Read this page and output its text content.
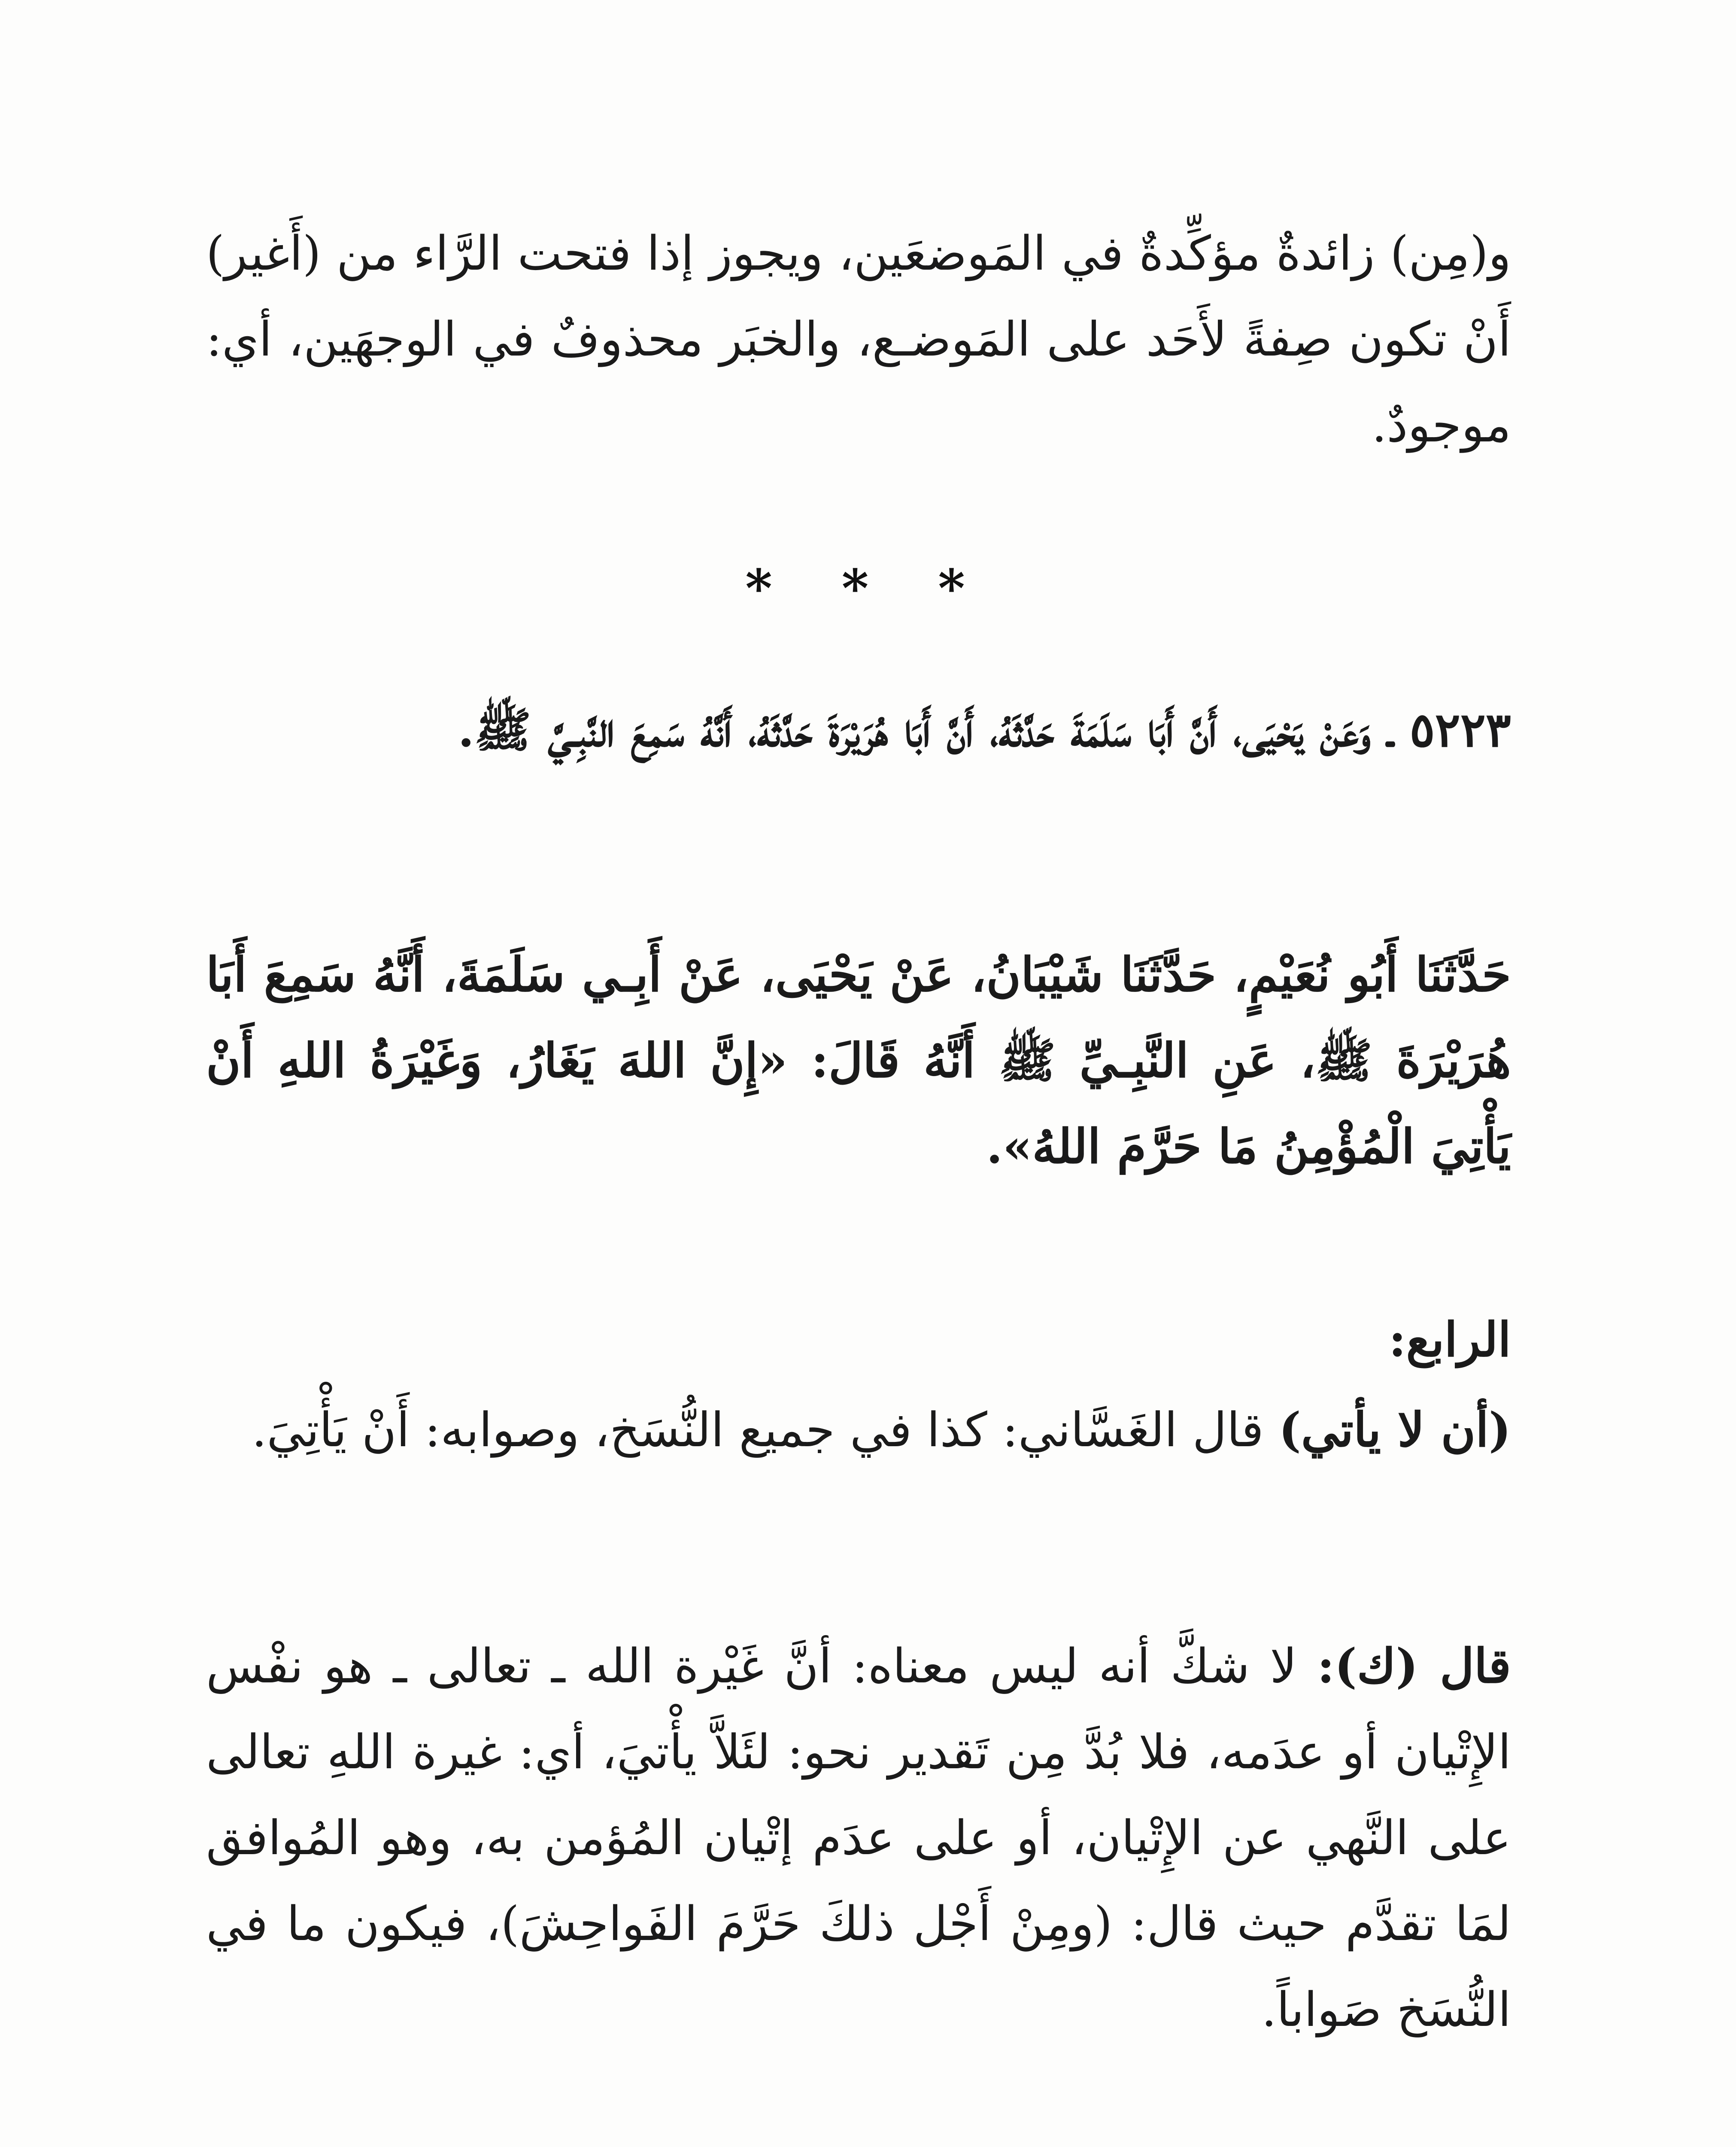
و(مِن) زائدةٌ مؤكِّدةٌ في المَوضعَين، ويجوز إذا فتحت الرَّاء من (أَغير) أَنْ تكون صِفةً لأَحَد على المَوضـع، والخبَر محذوفٌ في الوجهَين، أي: موجودٌ.

* * *

٥٢٢٣ ـ وَعَنْ يَحْيَى، أَنَّ أَبَا سَلَمَةَ حَدَّثَهُ، أَنَّ أَبَا هُرَيْرَةَ حَدَّثَهُ، أَنَّهُ سَمِعَ النَّبِـيَّ ﷺ.

حَدَّثَنَا أَبُو نُعَيْمٍ، حَدَّثَنَا شَيْبَانُ، عَنْ يَحْيَى، عَنْ أَبِـي سَلَمَةَ، أَنَّهُ سَمِعَ أَبَا هُرَيْرَةَ ﷺ، عَنِ النَّبِـيِّ ﷺ أَنَّهُ قَالَ: «إِنَّ اللهَ يَغَارُ، وَغَيْرَةُ اللهِ أَنْ يَأْتِيَ الْمُؤْمِنُ مَا حَرَّمَ اللهُ».

الرابع:

(أن لا يأتي) قال الغَسَّاني: كذا في جميع النُّسَخ، وصوابه: أَنْ يَأْتِيَ.

قال (ك): لا شكَّ أنه ليس معناه: أنَّ غَيْرة الله ـ تعالى ـ هو نفْس الإِتْيان أو عدَمه، فلا بُدَّ مِن تَقدير نحو: لئَلاَّ يأْتيَ، أي: غيرة اللهِ تعالى على النَّهي عن الإِتْيان، أو على عدَم إتْيان المُؤمن به، وهو المُوافق لمَا تقدَّم حيث قال: (ومِنْ أَجْل ذلكَ حَرَّمَ الفَواحِشَ)، فيكون ما في النُّسَخ صَواباً.
